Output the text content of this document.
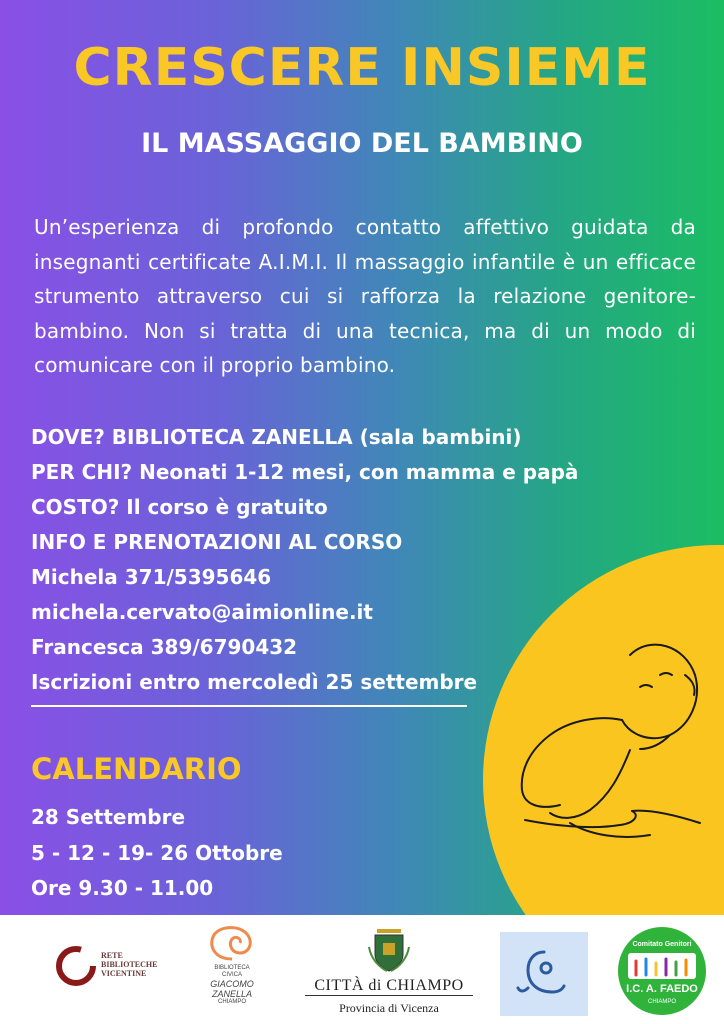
CRESCERE INSIEME
IL MASSAGGIO DEL BAMBINO
Un’esperienza di profondo contatto affettivo guidata da insegnanti certificate A.I.M.I. Il massaggio infantile è un efficace strumento attraverso cui si rafforza la relazione genitore-bambino. Non si tratta di una tecnica, ma di un modo di comunicare con il proprio bambino.
DOVE? BIBLIOTECA ZANELLA (sala bambini)
PER CHI? Neonati 1-12 mesi, con mamma e papà
COSTO? Il corso è gratuito
INFO E PRENOTAZIONI AL CORSO
Michela 371/5395646
michela.cervato@aimionline.it
Francesca 389/6790432
Iscrizioni entro mercoledì 25 settembre
CALENDARIO
28 Settembre
5 - 12 - 19- 26 Ottobre
Ore 9.30 - 11.00
RETE
BIBLIOTECHE
VICENTINE
BIBLIOTECA
CIVICA
GIACOMO
ZANELLA
CHIAMPO
CITTÀ di CHIAMPO
Provincia di Vicenza
Comitato Genitori
I.C. A. FAEDO
CHIAMPO
